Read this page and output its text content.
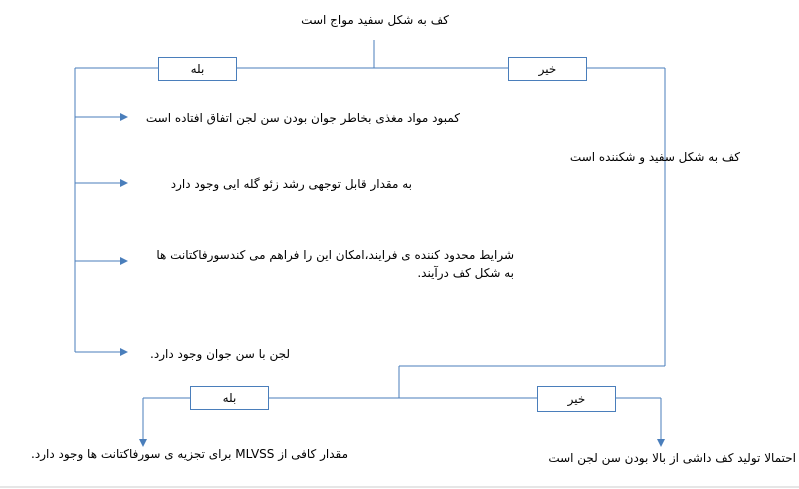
کف به شکل سفید مواج است
بله	خیر
کمبود مواد مغذی بخاطر جوان بودن سن لجن اتفاق افتاده است
به مقدار قابل توجهی رشد زئو گله ایی وجود دارد
شرایط محدود کننده ی فرایند،امکان این را فراهم می کندسورفاکتانت ها
به شکل کف درآیند.
لجن با سن جوان وجود دارد.
کف به شکل سفید و شکننده است
بله	خیر
مقدار کافی از MLVSS برای تجزیه ی سورفاکتانت ها وجود دارد.	احتمالا تولید کف داشی از بالا بودن سن لجن است
